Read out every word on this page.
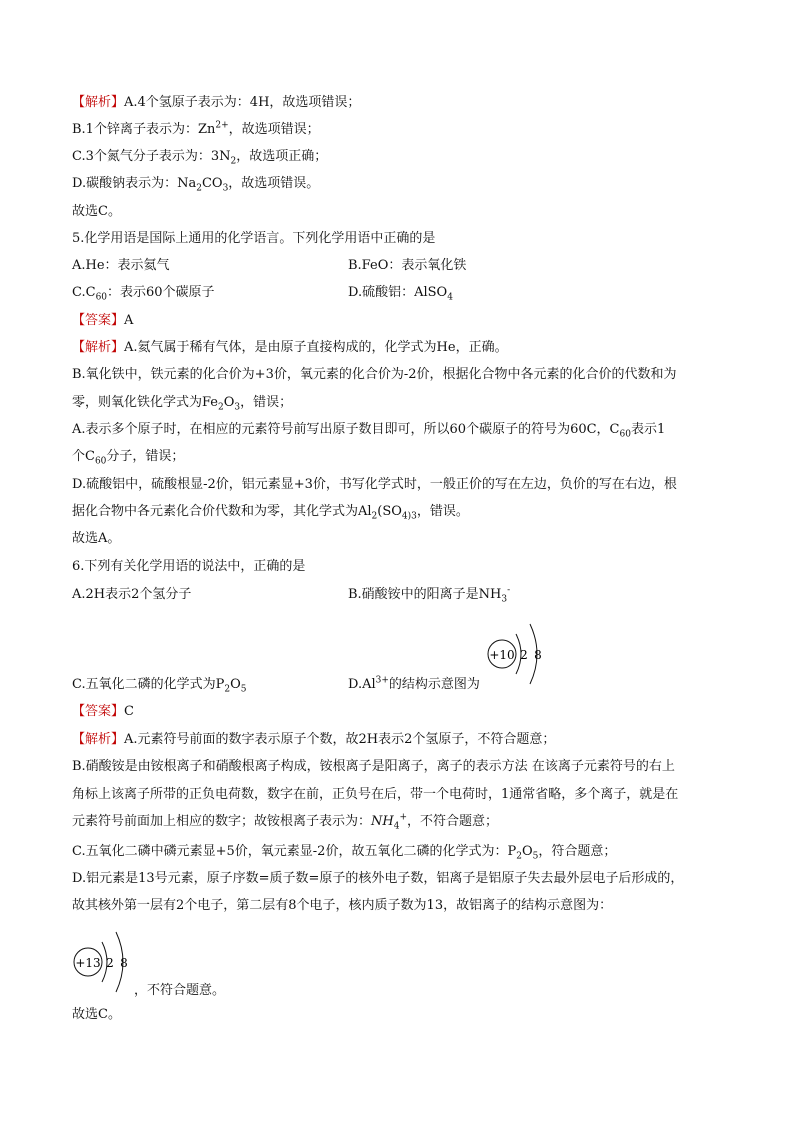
【解析】A.4个氢原子表示为：4H，故选项错误；
B.1个锌离子表示为：$Zn^{2+}$，故选项错误；
C.3个氮气分子表示为：$3N_2$，故选项正确；
D.碳酸钠表示为：$Na_2CO_3$，故选项错误。
故选C。
5.化学用语是国际上通用的化学语言。下列化学用语中正确的是
A.He：表示氦气	B.FeO：表示氧化铁
$C.C_{60}$：表示60个碳原子	D.硫酸铝：AlSO$_4$
【答案】A
【解析】A.氦气属于稀有气体，是由原子直接构成的，化学式为He，正确。
B.氧化铁中，铁元素的化合价为+3价，氧元素的化合价为-2价，根据化合物中各元素的化合价的代数和为
零，则氧化铁化学式为$Fe_2O_3$，错误；
A.表示多个原子时，在相应的元素符号前写出原子数目即可，所以60个碳原子的符号为60C，$C_{60}$表示1
个$C_{60}$分子，错误；
D.硫酸铝中，硫酸根显-2价，铝元素显+3价，书写化学式时，一般正价的写在左边，负价的写在右边，根
据化合物中各元素化合价代数和为零，其化学式为$Al_2(SO_{4)3}$，错误。
故选A。
6.下列有关化学用语的说法中，正确的是
A.2H表示2个氢分子	B.硝酸铵中的阳离子是$NH_3^-$
+10 2 8
C.五氧化二磷的化学式为$P_2O_5$	$D.Al^{3+}$的结构示意图为
【答案】C
【解析】A.元素符号前面的数字表示原子个数，故2H表示2个氢原子，不符合题意；
B.硝酸铵是由铵根离子和硝酸根离子构成，铵根离子是阳离子，离子的表示方法 在该离子元素符号的右上
角标上该离子所带的正负电荷数，数字在前，正负号在后，带一个电荷时，1通常省略，多个离子，就是在
元素符号前面加上相应的数字；故铵根离子表示为：$NH_4^+$，不符合题意；
C.五氧化二磷中磷元素显+5价，氧元素显-2价，故五氧化二磷的化学式为：$P_2O_5$，符合题意；
D.铝元素是13号元素，原子序数=质子数=原子的核外电子数，铝离子是铝原子失去最外层电子后形成的，
故其核外第一层有2个电子，第二层有8个电子，核内质子数为13，故铝离子的结构示意图为：
+13 2 8
，不符合题意。
故选C。
